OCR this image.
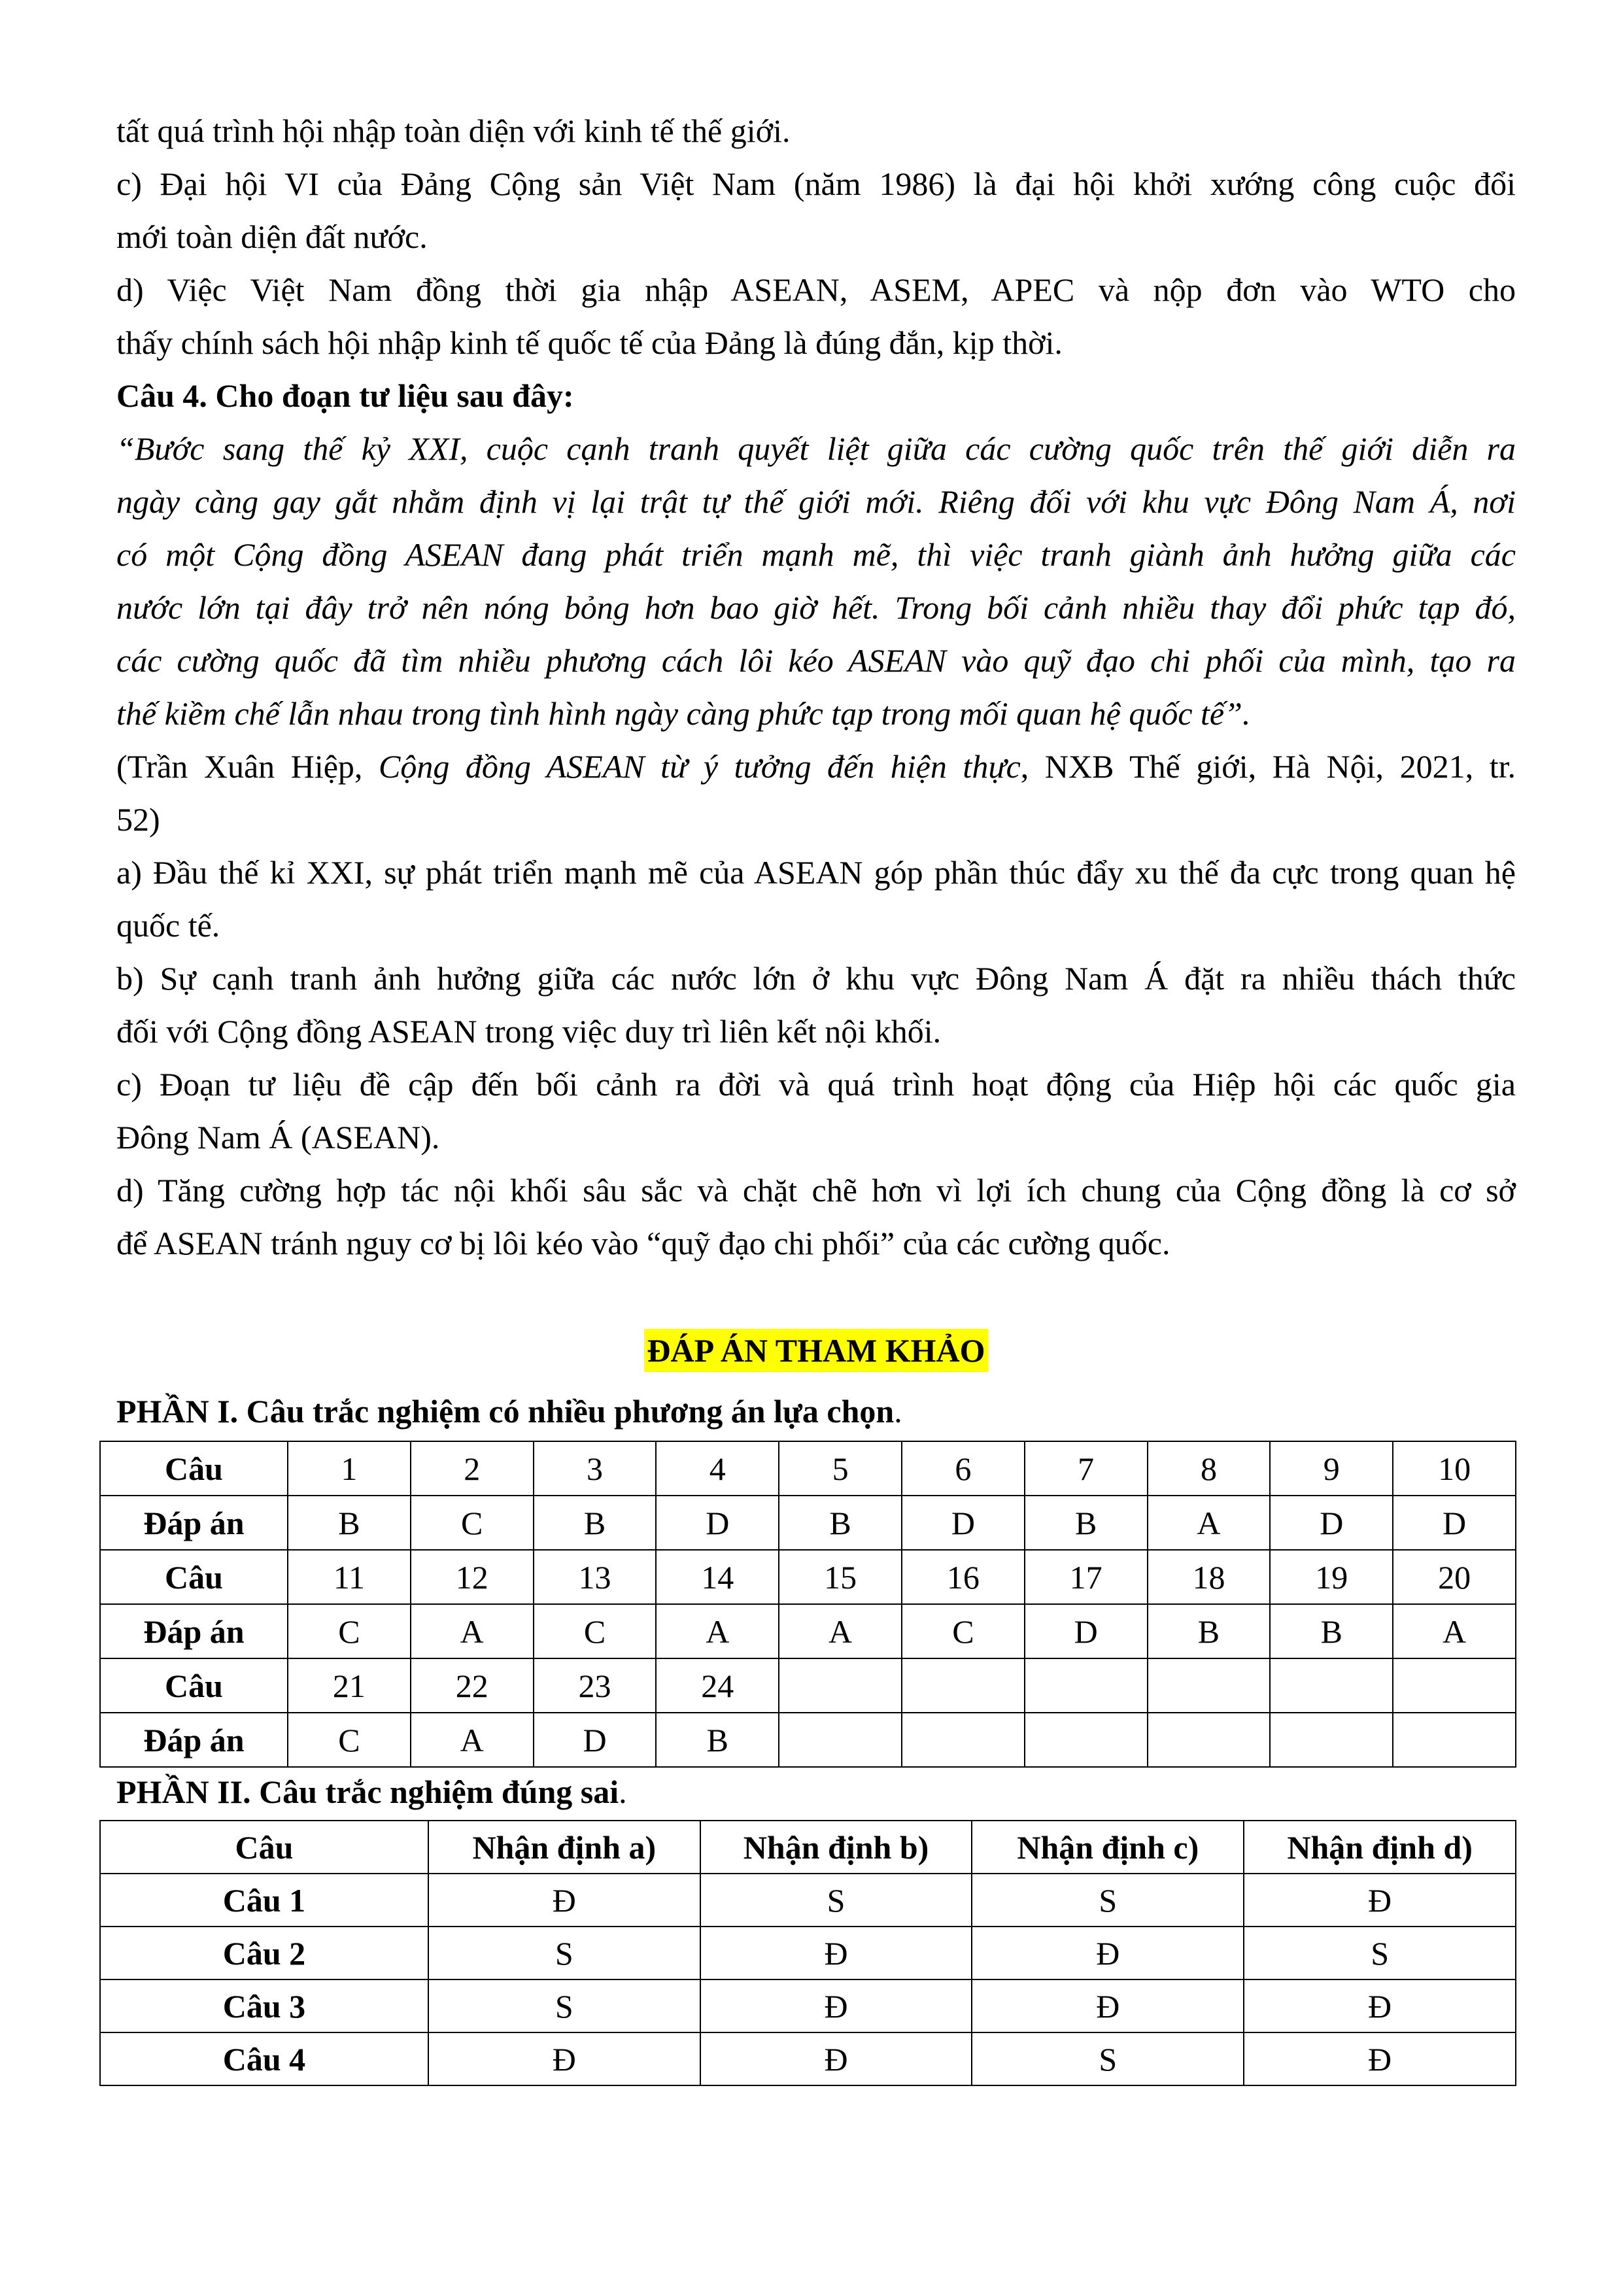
tất quá trình hội nhập toàn diện với kinh tế thế giới.

c) Đại hội VI của Đảng Cộng sản Việt Nam (năm 1986) là đại hội khởi xướng công cuộc đổi

mới toàn diện đất nước.

d) Việc Việt Nam đồng thời gia nhập ASEAN, ASEM, APEC và nộp đơn vào WTO cho

thấy chính sách hội nhập kinh tế quốc tế của Đảng là đúng đắn, kịp thời.

Câu 4. Cho đoạn tư liệu sau đây:

“Bước sang thế kỷ XXI, cuộc cạnh tranh quyết liệt giữa các cường quốc trên thế giới diễn ra

ngày càng gay gắt nhằm định vị lại trật tự thế giới mới. Riêng đối với khu vực Đông Nam Á, nơi

có một Cộng đồng ASEAN đang phát triển mạnh mẽ, thì việc tranh giành ảnh hưởng giữa các

nước lớn tại đây trở nên nóng bỏng hơn bao giờ hết. Trong bối cảnh nhiều thay đổi phức tạp đó,

các cường quốc đã tìm nhiều phương cách lôi kéo ASEAN vào quỹ đạo chi phối của mình, tạo ra

thế kiềm chế lẫn nhau trong tình hình ngày càng phức tạp trong mối quan hệ quốc tế”.

(Trần Xuân Hiệp, Cộng đồng ASEAN từ ý tưởng đến hiện thực, NXB Thế giới, Hà Nội, 2021, tr.

52)

a) Đầu thế kỉ XXI, sự phát triển mạnh mẽ của ASEAN góp phần thúc đẩy xu thế đa cực trong quan hệ

quốc tế.

b) Sự cạnh tranh ảnh hưởng giữa các nước lớn ở khu vực Đông Nam Á đặt ra nhiều thách thức

đối với Cộng đồng ASEAN trong việc duy trì liên kết nội khối.

c) Đoạn tư liệu đề cập đến bối cảnh ra đời và quá trình hoạt động của Hiệp hội các quốc gia

Đông Nam Á (ASEAN).

d) Tăng cường hợp tác nội khối sâu sắc và chặt chẽ hơn vì lợi ích chung của Cộng đồng là cơ sở

để ASEAN tránh nguy cơ bị lôi kéo vào “quỹ đạo chi phối” của các cường quốc.

ĐÁP ÁN THAM KHẢO
PHẦN I. Câu trắc nghiệm có nhiều phương án lựa chọn.
Câu	1	2	3	4	5	6	7	8	9	10
Đáp án	B	C	B	D	B	D	B	A	D	D
Câu	11	12	13	14	15	16	17	18	19	20
Đáp án	C	A	C	A	A	C	D	B	B	A
Câu	21	22	23	24						
Đáp án	C	A	D	B						
PHẦN II. Câu trắc nghiệm đúng sai.
Câu	Nhận định a)	Nhận định b)	Nhận định c)	Nhận định d)
Câu 1	Đ	S	S	Đ
Câu 2	S	Đ	Đ	S
Câu 3	S	Đ	Đ	Đ
Câu 4	Đ	Đ	S	Đ
